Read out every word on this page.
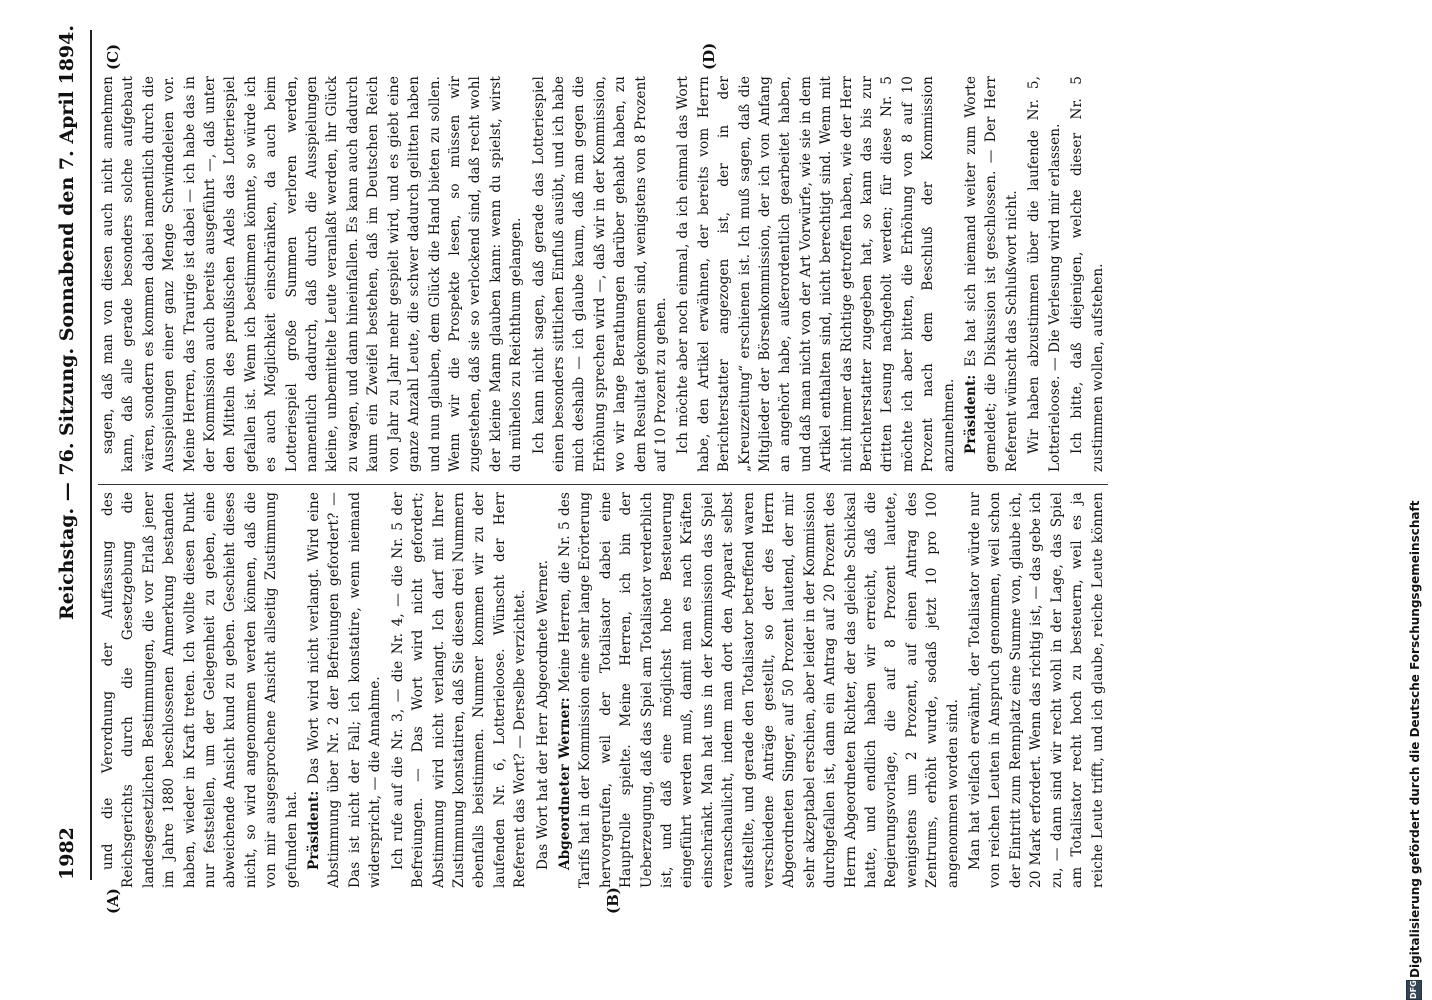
1982
Reichstag. — 76. Sitzung. Sonnabend den 7. April 1894.
(A)	(B)
(C)	(D)

und die Verordnung der Auffassung des Reichsgerichts durch die Gesetzgebung die landesgesetzlichen Bestimmungen, die vor Erlaß jener im Jahre 1880 beschlossenen Anmerkung bestanden haben, wieder in Kraft treten. Ich wollte diesen Punkt nur feststellen, um der Gelegenheit zu geben, eine abweichende Ansicht kund zu geben. Geschieht dieses nicht, so wird angenommen werden können, daß die von mir ausgesprochene Ansicht allseitig Zustimmung gefunden hat. Präsident: Das Wort wird nicht verlangt. Wird eine Abstimmung über Nr. 2 der Befreiungen gefordert? — Das ist nicht der Fall; ich konstatire, wenn niemand widerspricht, — die Annahme. Ich rufe auf die Nr. 3, — die Nr. 4, — die Nr. 5 der Befreiungen. — Das Wort wird nicht gefordert; Abstimmung wird nicht verlangt. Ich darf mit Ihrer Zustimmung konstatiren, daß Sie diesen drei Nummern ebenfalls beistimmen. Nummer kommen wir zu der laufenden Nr. 6, Lotterieloose. Wünscht der Herr Referent das Wort? — Derselbe verzichtet. Das Wort hat der Herr Abgeordnete Werner. Abgeordneter Werner: Meine Herren, die Nr. 5 des Tarifs hat in der Kommission eine sehr lange Erörterung hervorgerufen, weil der Totalisator dabei eine Hauptrolle spielte. Meine Herren, ich bin der Ueberzeugung, daß das Spiel am Totalisator verderblich ist, und daß eine möglichst hohe Besteuerung eingeführt werden muß, damit man es nach Kräften einschränkt. Man hat uns in der Kommission das Spiel veranschaulicht, indem man dort den Apparat selbst aufstellte, und gerade den Totalisator betreffend waren verschiedene Anträge gestellt, so der des Herrn Abgeordneten Singer, auf 50 Prozent lautend, der mir sehr akzeptabel erschien, aber leider in der Kommission durchgefallen ist, dann ein Antrag auf 20 Prozent des Herrn Abgeordneten Richter, der das gleiche Schicksal hatte, und endlich haben wir erreicht, daß die Regierungsvorlage, die auf 8 Prozent lautete, wenigstens um 2 Prozent, auf einen Antrag des Zentrums, erhöht wurde, sodaß jetzt 10 pro 100 angenommen worden sind. Man hat vielfach erwähnt, der Totalisator würde nur von reichen Leuten in Anspruch genommen, weil schon der Eintritt zum Rennplatz eine Summe von, glaube ich, 20 Mark erfordert. Wenn das richtig ist, — das gebe ich zu, — dann sind wir recht wohl in der Lage, das Spiel am Totalisator recht hoch zu besteuern, weil es ja reiche Leute trifft, und ich glaube, reiche Leute können

sagen, daß man von diesen auch nicht annehmen kann, daß alle gerade besonders solche aufgebaut wären, sondern es kommen dabei namentlich durch die Ausspielungen einer ganz Menge Schwindeleien vor. Meine Herren, das Traurige ist dabei — ich habe das in der Kommission auch bereits ausgeführt —, daß unter den Mitteln des preußischen Adels das Lotteriespiel gefallen ist. Wenn ich bestimmen könnte, so würde ich es auch Möglichkeit einschränken, da auch beim Lotteriespiel große Summen verloren werden, namentlich dadurch, daß durch die Ausspielungen kleine, unbemittelte Leute veranlaßt werden, ihr Glück zu wagen, und dann hineinfallen. Es kann auch dadurch kaum ein Zweifel bestehen, daß im Deutschen Reich von Jahr zu Jahr mehr gespielt wird, und es giebt eine ganze Anzahl Leute, die schwer dadurch gelitten haben und nun glauben, dem Glück die Hand bieten zu sollen. Wenn wir die Prospekte lesen, so müssen wir zugestehen, daß sie so verlockend sind, daß recht wohl der kleine Mann glauben kann: wenn du spielst, wirst du mühelos zu Reichthum gelangen. Ich kann nicht sagen, daß gerade das Lotteriespiel einen besonders sittlichen Einfluß ausübt, und ich habe mich deshalb — ich glaube kaum, daß man gegen die Erhöhung sprechen wird —, daß wir in der Kommission, wo wir lange Berathungen darüber gehabt haben, zu dem Resultat gekommen sind, wenigstens von 8 Prozent auf 10 Prozent zu gehen. Ich möchte aber noch einmal, da ich einmal das Wort habe, den Artikel erwähnen, der bereits vom Herrn Berichterstatter angezogen ist, der in der „Kreuzzeitung“ erschienen ist. Ich muß sagen, daß die Mitglieder der Börsenkommission, der ich von Anfang an angehört habe, außerordentlich gearbeitet haben, und daß man nicht von der Art Vorwürfe, wie sie in dem Artikel enthalten sind, nicht berechtigt sind. Wenn mit nicht immer das Richtige getroffen haben, wie der Herr Berichterstatter zugegeben hat, so kann das bis zur dritten Lesung nachgeholt werden; für diese Nr. 5 möchte ich aber bitten, die Erhöhung von 8 auf 10 Prozent nach dem Beschluß der Kommission anzunehmen. Präsident: Es hat sich niemand weiter zum Worte gemeldet; die Diskussion ist geschlossen. — Der Herr Referent wünscht das Schlußwort nicht. Wir haben abzustimmen über die laufende Nr. 5, Lotterieloose. — Die Verlesung wird mir erlassen. Ich bitte, daß diejenigen, welche dieser Nr. 5 zustimmen wollen, aufstehen.

DFG
Digitalisierung gefördert durch die Deutsche Forschungsgemeinschaft
